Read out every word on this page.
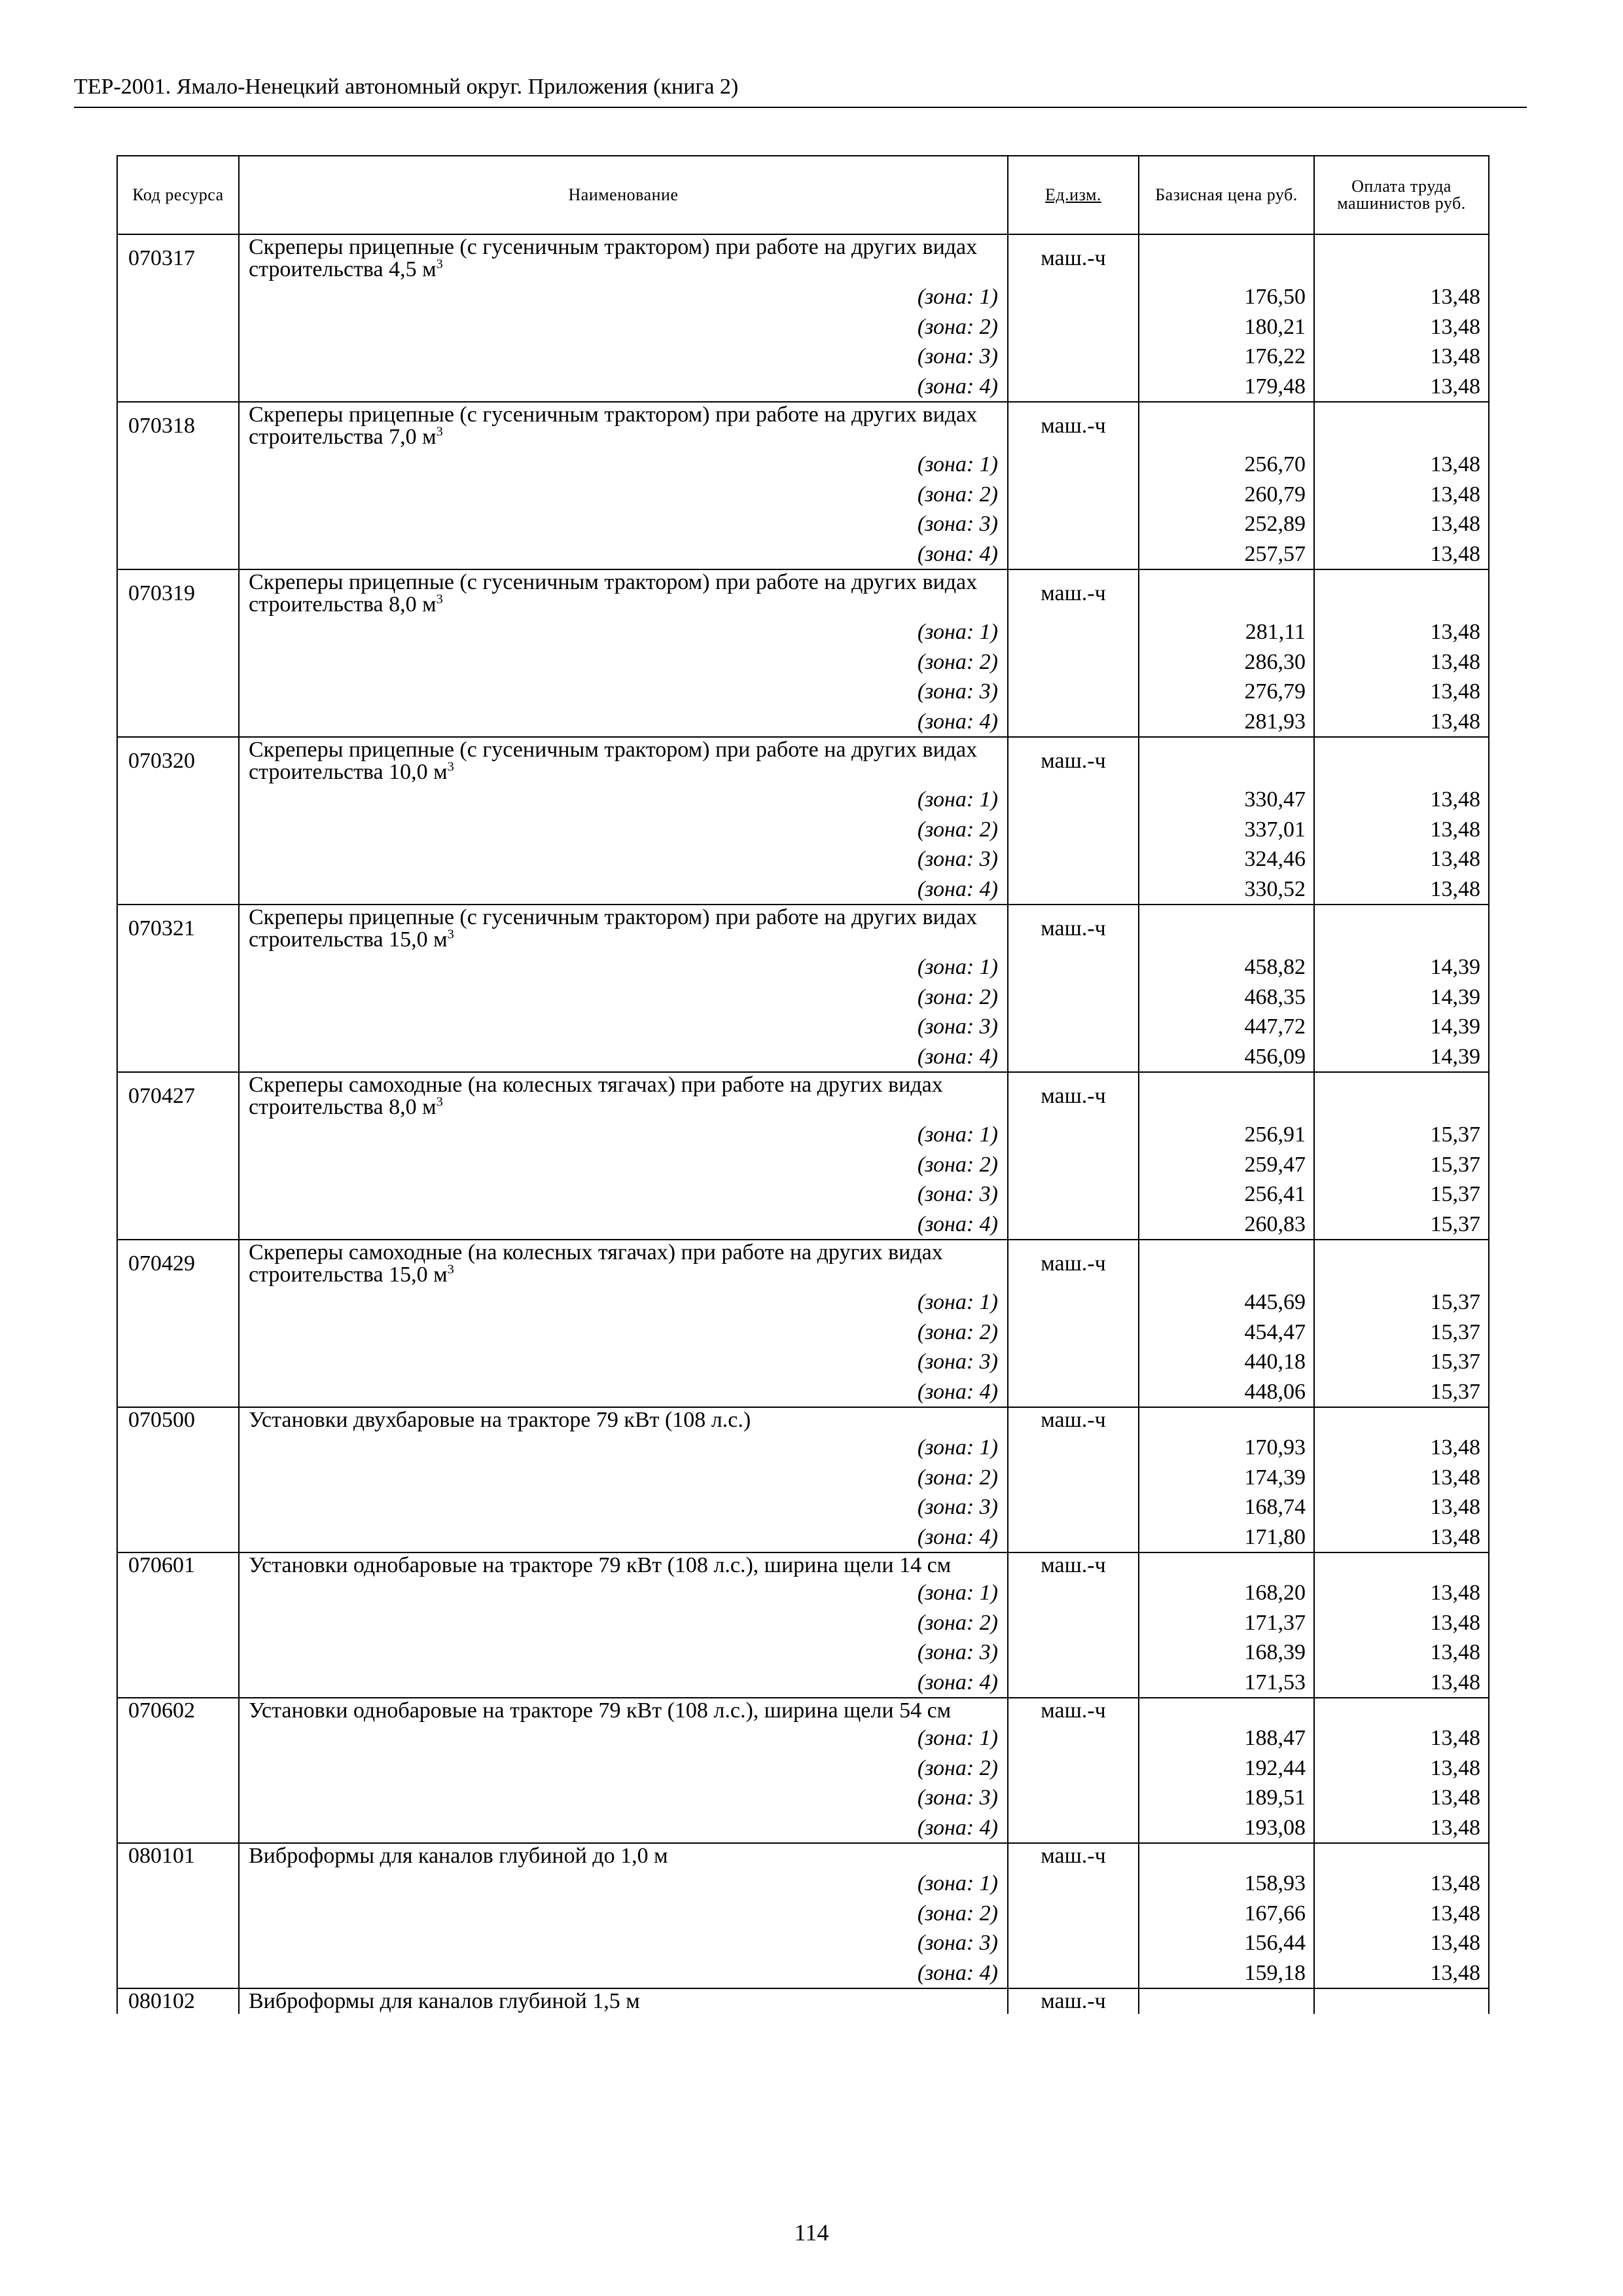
ТЕР-2001. Ямало-Ненецкий автономный округ. Приложения (книга 2)
Код ресурса	Наименование	Ед.изм.	Базисная цена руб.	Оплата труда машинистов руб.
070317	Скреперы прицепные (с гусеничным трактором) при работе на других видах строительства 4,5 $м^3$	маш.-ч		
	(зона: 1)		176,50	13,48
	(зона: 2)		180,21	13,48
	(зона: 3)		176,22	13,48
	(зона: 4)		179,48	13,48
070318	Скреперы прицепные (с гусеничным трактором) при работе на других видах строительства 7,0 $м^3$	маш.-ч		
	(зона: 1)		256,70	13,48
	(зона: 2)		260,79	13,48
	(зона: 3)		252,89	13,48
	(зона: 4)		257,57	13,48
070319	Скреперы прицепные (с гусеничным трактором) при работе на других видах строительства 8,0 $м^3$	маш.-ч		
	(зона: 1)		281,11	13,48
	(зона: 2)		286,30	13,48
	(зона: 3)		276,79	13,48
	(зона: 4)		281,93	13,48
070320	Скреперы прицепные (с гусеничным трактором) при работе на других видах строительства 10,0 $м^3$	маш.-ч		
	(зона: 1)		330,47	13,48
	(зона: 2)		337,01	13,48
	(зона: 3)		324,46	13,48
	(зона: 4)		330,52	13,48
070321	Скреперы прицепные (с гусеничным трактором) при работе на других видах строительства 15,0 $м^3$	маш.-ч		
	(зона: 1)		458,82	14,39
	(зона: 2)		468,35	14,39
	(зона: 3)		447,72	14,39
	(зона: 4)		456,09	14,39
070427	Скреперы самоходные (на колесных тягачах) при работе на других видах строительства 8,0 $м^3$	маш.-ч		
	(зона: 1)		256,91	15,37
	(зона: 2)		259,47	15,37
	(зона: 3)		256,41	15,37
	(зона: 4)		260,83	15,37
070429	Скреперы самоходные (на колесных тягачах) при работе на других видах строительства 15,0 $м^3$	маш.-ч		
	(зона: 1)		445,69	15,37
	(зона: 2)		454,47	15,37
	(зона: 3)		440,18	15,37
	(зона: 4)		448,06	15,37
070500	Установки двухбаровые на тракторе 79 кВт (108 л.с.)	маш.-ч		
	(зона: 1)		170,93	13,48
	(зона: 2)		174,39	13,48
	(зона: 3)		168,74	13,48
	(зона: 4)		171,80	13,48
070601	Установки однобаровые на тракторе 79 кВт (108 л.с.), ширина щели 14 см	маш.-ч		
	(зона: 1)		168,20	13,48
	(зона: 2)		171,37	13,48
	(зона: 3)		168,39	13,48
	(зона: 4)		171,53	13,48
070602	Установки однобаровые на тракторе 79 кВт (108 л.с.), ширина щели 54 см	маш.-ч		
	(зона: 1)		188,47	13,48
	(зона: 2)		192,44	13,48
	(зона: 3)		189,51	13,48
	(зона: 4)		193,08	13,48
080101	Виброформы для каналов глубиной до 1,0 м	маш.-ч		
	(зона: 1)		158,93	13,48
	(зона: 2)		167,66	13,48
	(зона: 3)		156,44	13,48
	(зона: 4)		159,18	13,48
080102	Виброформы для каналов глубиной 1,5 м	маш.-ч		
114
